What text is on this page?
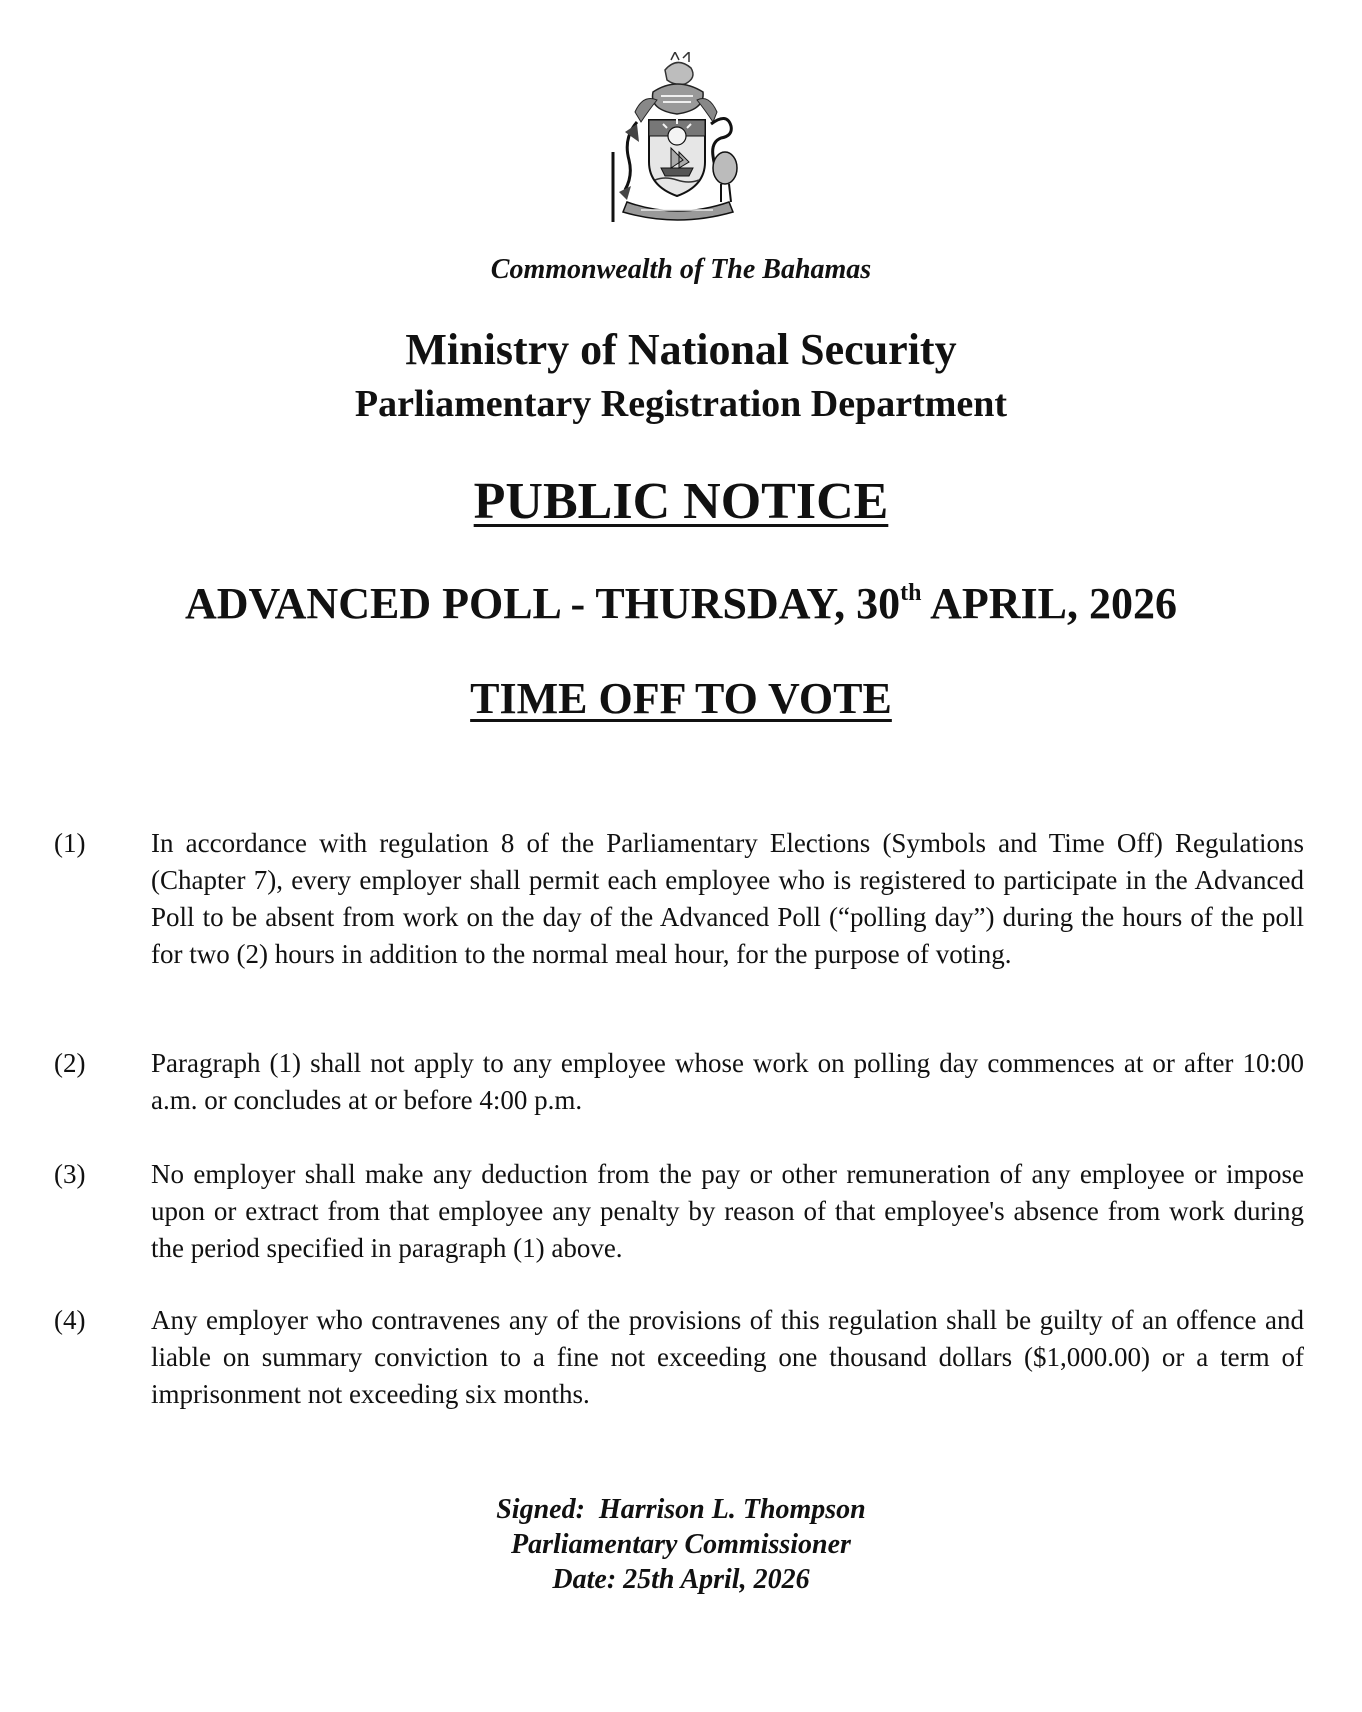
Commonwealth of The Bahamas
Ministry of National Security
Parliamentary Registration Department
PUBLIC NOTICE
ADVANCED POLL - THURSDAY, 30th APRIL, 2026
TIME OFF TO VOTE
(1) In accordance with regulation 8 of the Parliamentary Elections (Symbols and Time Off) Regulations (Chapter 7), every employer shall permit each employee who is registered to participate in the Advanced Poll to be absent from work on the day of the Advanced Poll (“polling day”) during the hours of the poll for two (2) hours in addition to the normal meal hour, for the purpose of voting.
(2) Paragraph (1) shall not apply to any employee whose work on polling day commences at or after 10:00 a.m. or concludes at or before 4:00 p.m.
(3) No employer shall make any deduction from the pay or other remuneration of any employee or impose upon or extract from that employee any penalty by reason of that employee's absence from work during the period specified in paragraph (1) above.
(4) Any employer who contravenes any of the provisions of this regulation shall be guilty of an offence and liable on summary conviction to a fine not exceeding one thousand dollars ($1,000.00) or a term of imprisonment not exceeding six months.
Signed:  Harrison L. Thompson
Parliamentary Commissioner
Date: 25th April, 2026
